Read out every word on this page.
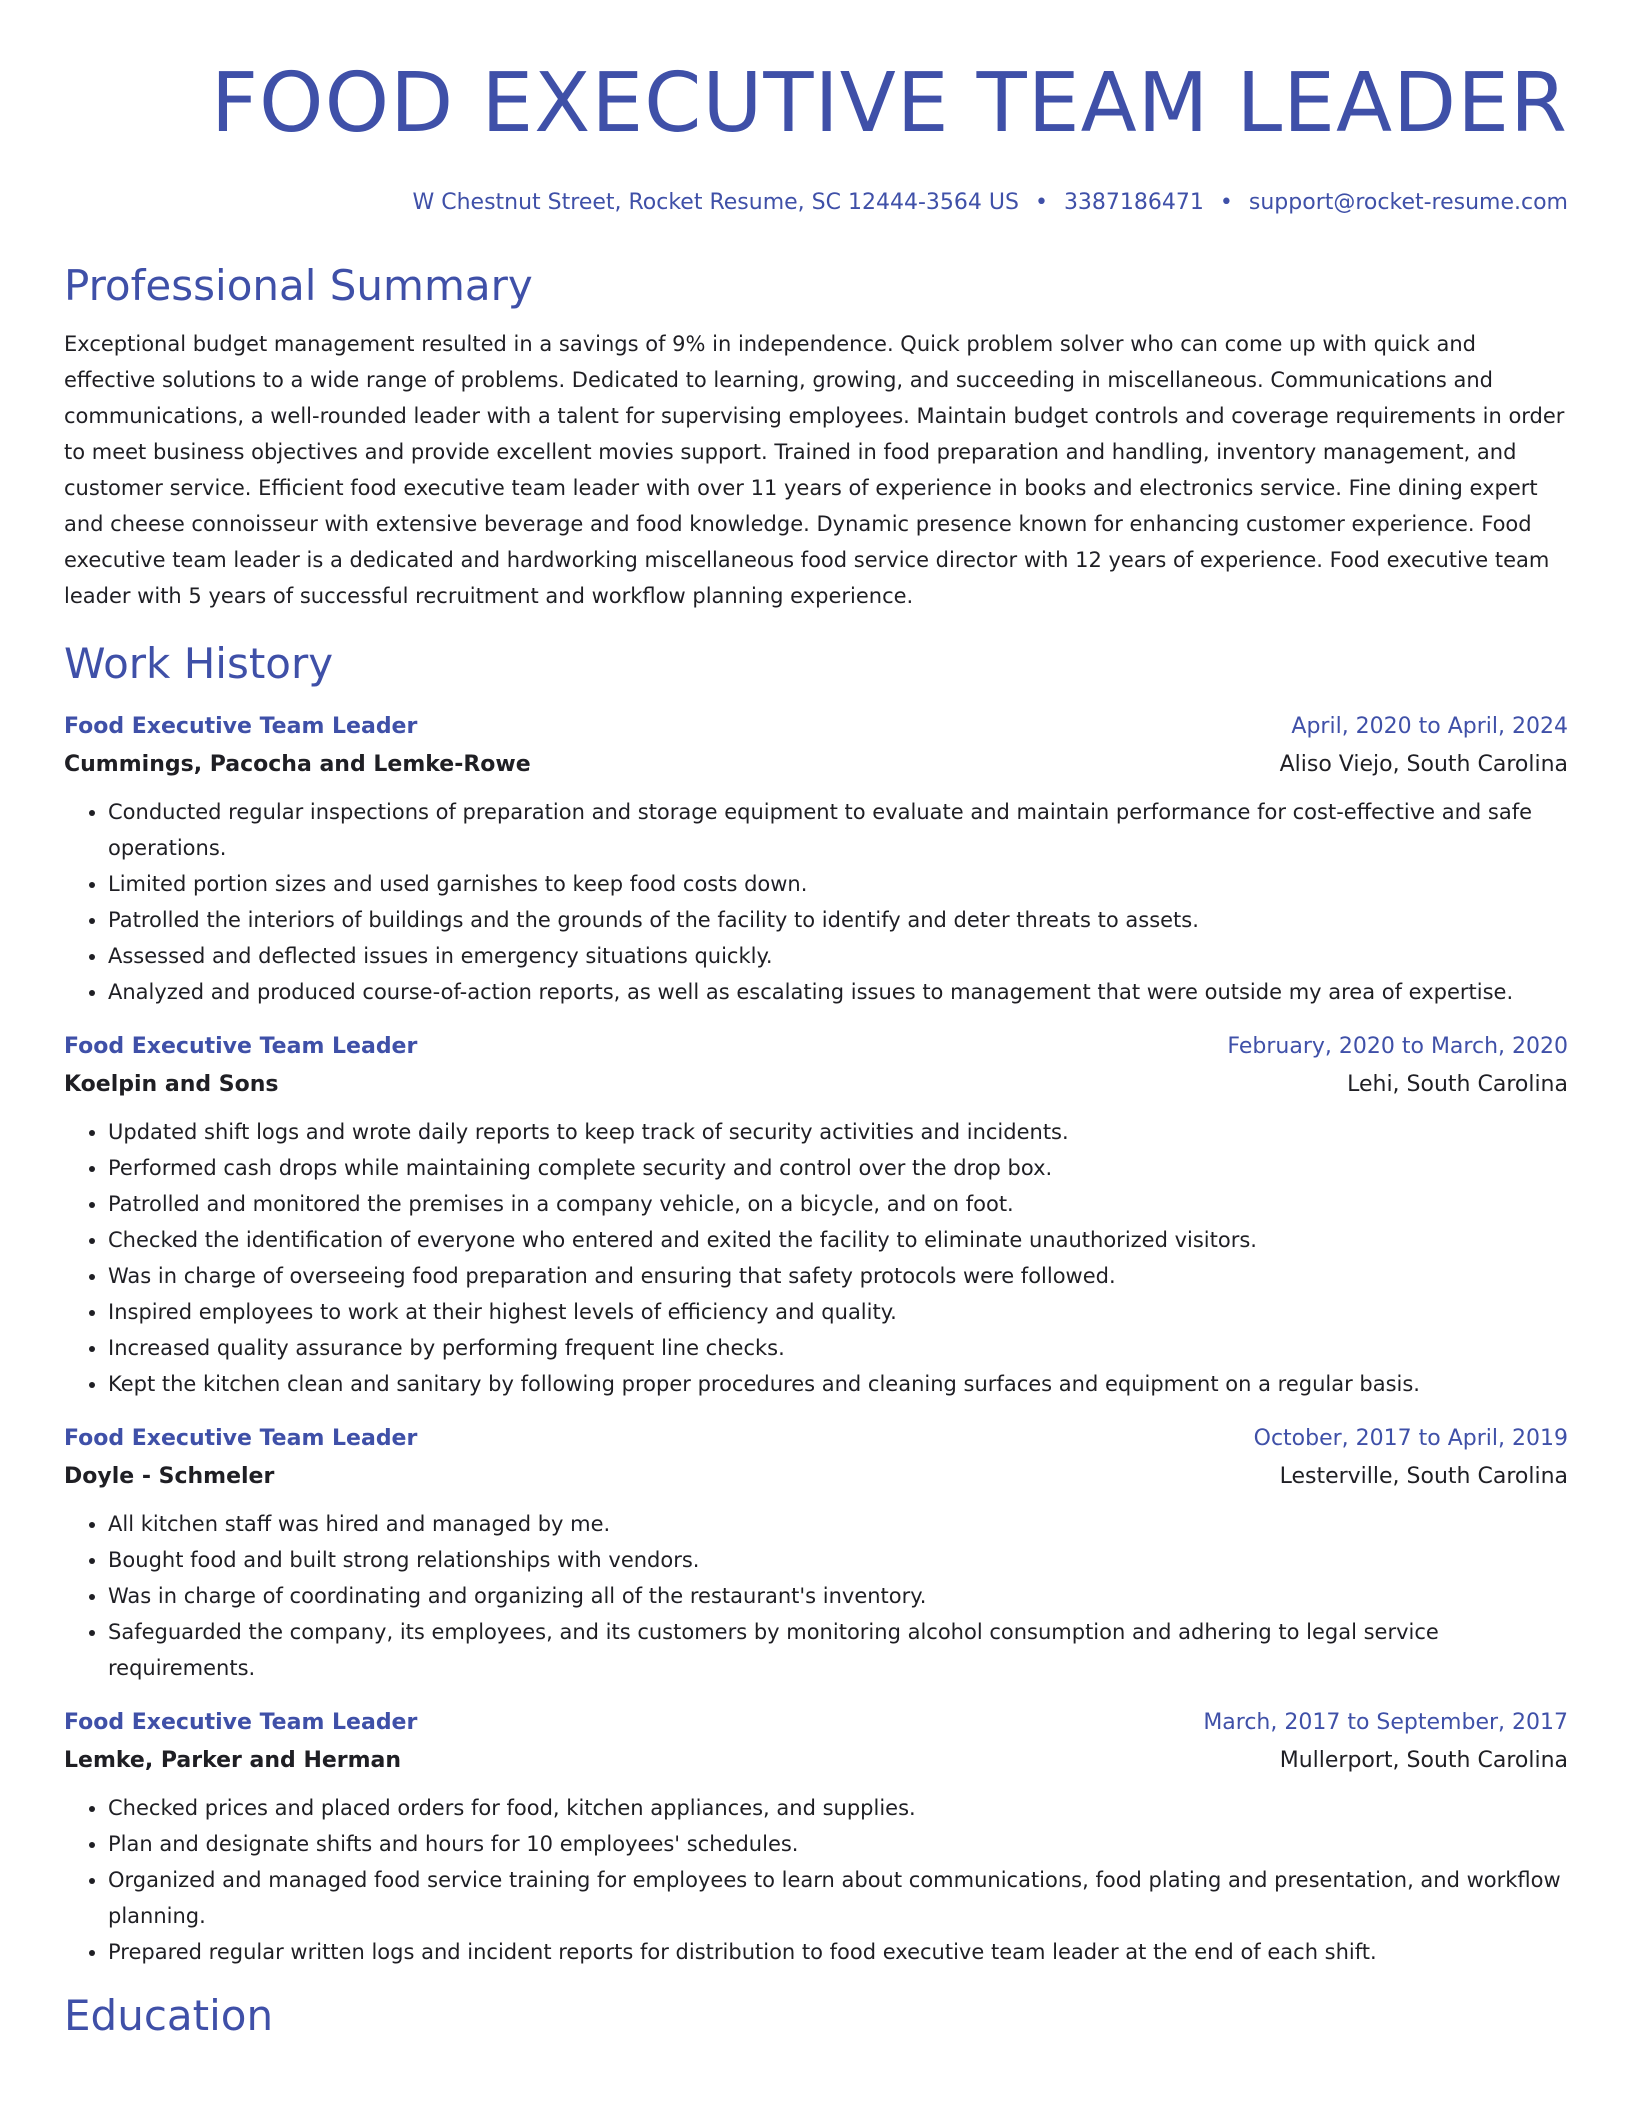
FOOD EXECUTIVE TEAM LEADER
W Chestnut Street, Rocket Resume, SC 12444-3564 US • 3387186471 • support@rocket-resume.com
Professional Summary
Exceptional budget management resulted in a savings of 9% in independence. Quick problem solver who can come up with quick and effective solutions to a wide range of problems. Dedicated to learning, growing, and succeeding in miscellaneous. Communications and communications, a well-rounded leader with a talent for supervising employees. Maintain budget controls and coverage requirements in order to meet business objectives and provide excellent movies support. Trained in food preparation and handling, inventory management, and customer service. Efficient food executive team leader with over 11 years of experience in books and electronics service. Fine dining expert and cheese connoisseur with extensive beverage and food knowledge. Dynamic presence known for enhancing customer experience. Food executive team leader is a dedicated and hardworking miscellaneous food service director with 12 years of experience. Food executive team leader with 5 years of successful recruitment and workflow planning experience.
Work History
Food Executive Team Leader	April, 2020 to April, 2024
Cummings, Pacocha and Lemke-Rowe	Aliso Viejo, South Carolina
• Conducted regular inspections of preparation and storage equipment to evaluate and maintain performance for cost-effective and safe operations.
• Limited portion sizes and used garnishes to keep food costs down.
• Patrolled the interiors of buildings and the grounds of the facility to identify and deter threats to assets.
• Assessed and deflected issues in emergency situations quickly.
• Analyzed and produced course-of-action reports, as well as escalating issues to management that were outside my area of expertise.
Food Executive Team Leader	February, 2020 to March, 2020
Koelpin and Sons	Lehi, South Carolina
• Updated shift logs and wrote daily reports to keep track of security activities and incidents.
• Performed cash drops while maintaining complete security and control over the drop box.
• Patrolled and monitored the premises in a company vehicle, on a bicycle, and on foot.
• Checked the identification of everyone who entered and exited the facility to eliminate unauthorized visitors.
• Was in charge of overseeing food preparation and ensuring that safety protocols were followed.
• Inspired employees to work at their highest levels of efficiency and quality.
• Increased quality assurance by performing frequent line checks.
• Kept the kitchen clean and sanitary by following proper procedures and cleaning surfaces and equipment on a regular basis.
Food Executive Team Leader	October, 2017 to April, 2019
Doyle - Schmeler	Lesterville, South Carolina
• All kitchen staff was hired and managed by me.
• Bought food and built strong relationships with vendors.
• Was in charge of coordinating and organizing all of the restaurant's inventory.
• Safeguarded the company, its employees, and its customers by monitoring alcohol consumption and adhering to legal service requirements.
Food Executive Team Leader	March, 2017 to September, 2017
Lemke, Parker and Herman	Mullerport, South Carolina
• Checked prices and placed orders for food, kitchen appliances, and supplies.
• Plan and designate shifts and hours for 10 employees' schedules.
• Organized and managed food service training for employees to learn about communications, food plating and presentation, and workflow planning.
• Prepared regular written logs and incident reports for distribution to food executive team leader at the end of each shift.
Education
